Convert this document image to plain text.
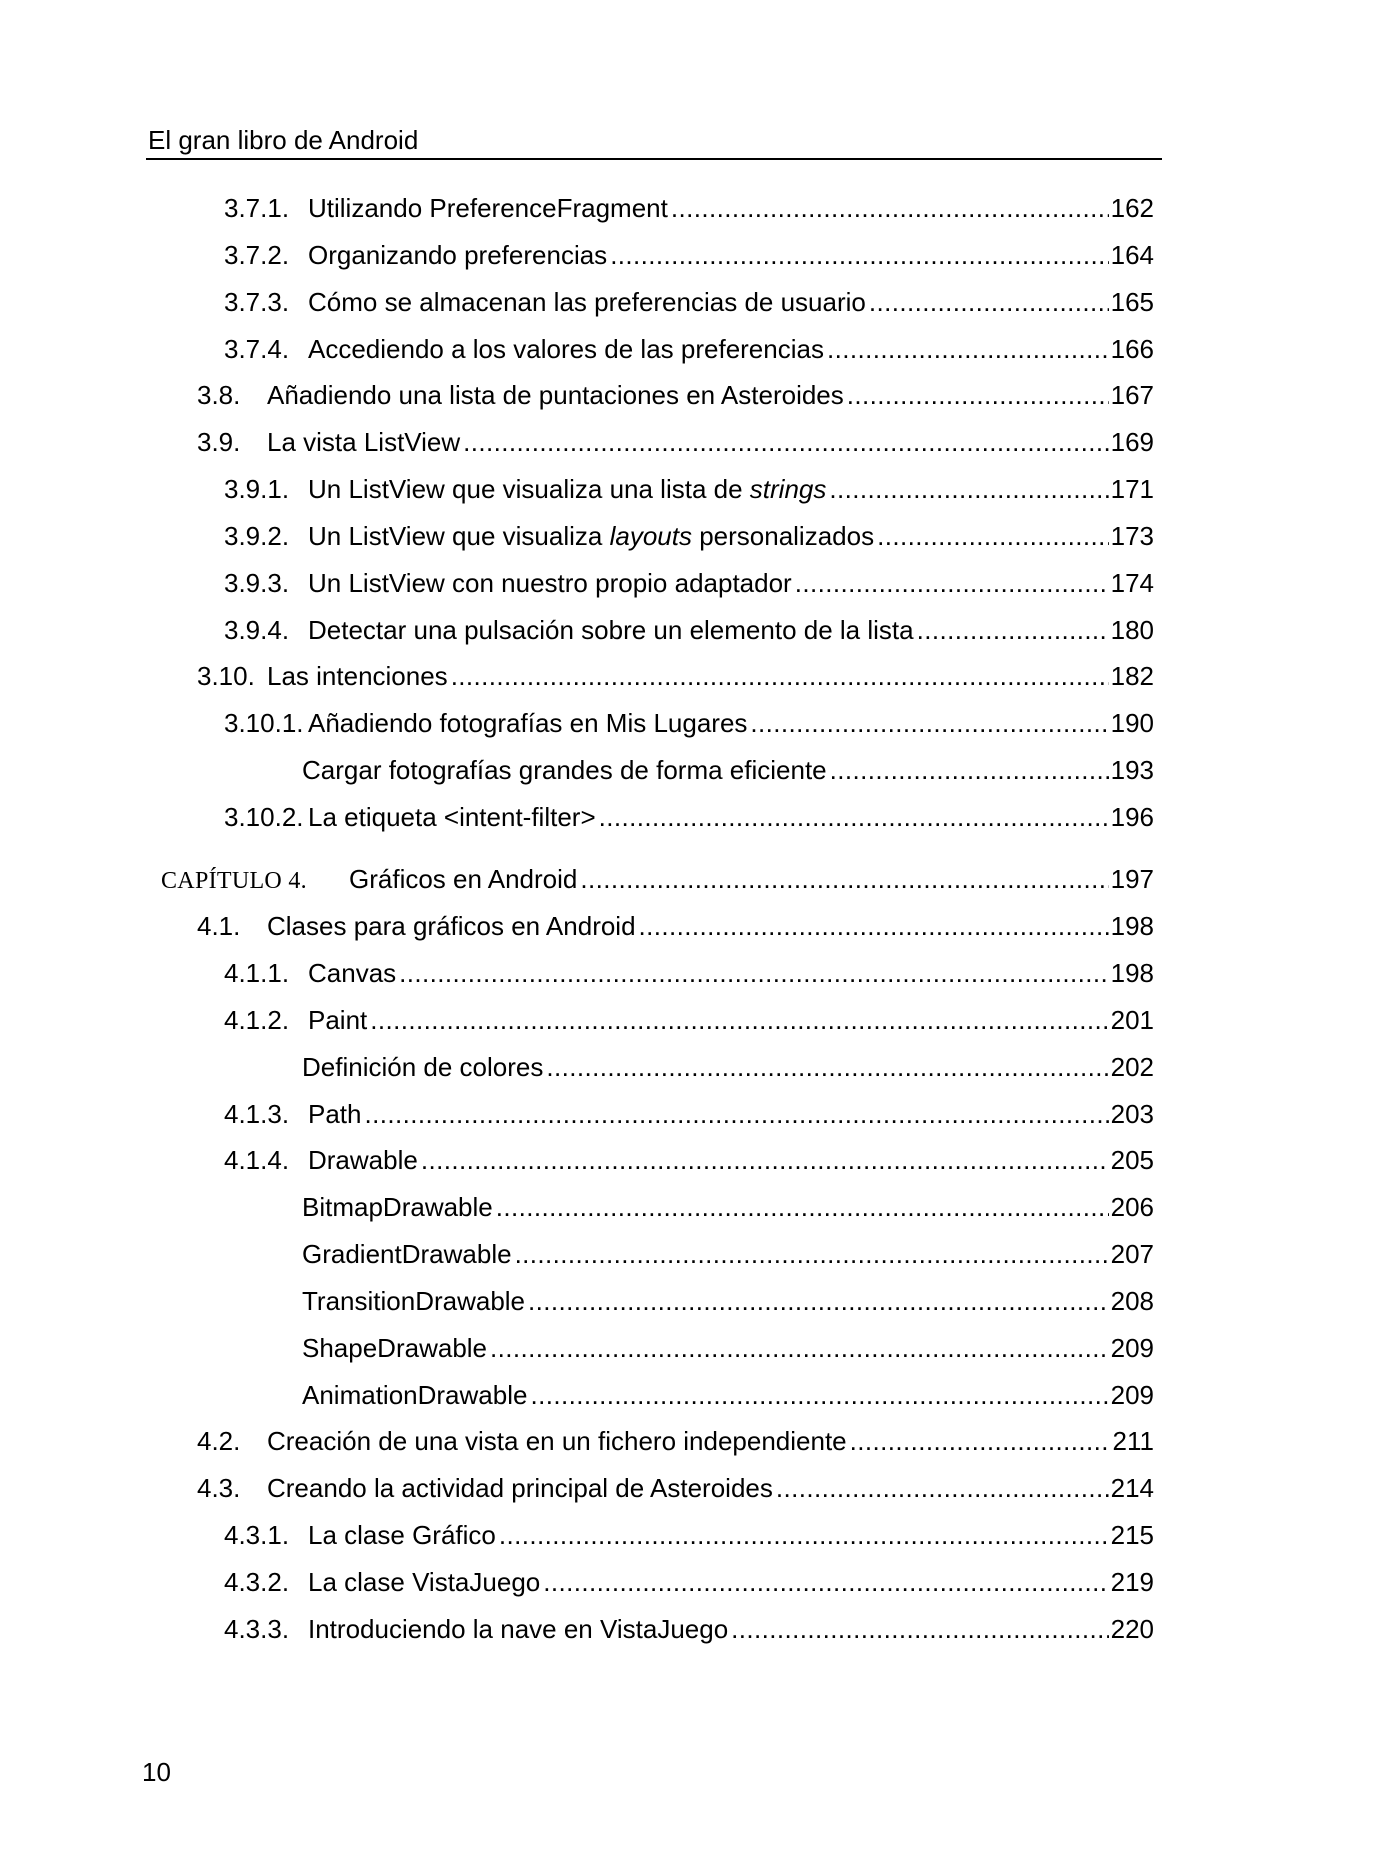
El gran libro de Android
3.7.1. Utilizando PreferenceFragment .....	162
3.7.2. Organizando preferencias .....	164
3.7.3. Cómo se almacenan las preferencias de usuario .....	165
3.7.4. Accediendo a los valores de las preferencias .....	166
3.8.	Añadiendo una lista de puntaciones en Asteroides .....	167
3.9.	La vista ListView .....	169
3.9.1. Un ListView que visualiza una lista de strings .....	171
3.9.2. Un ListView que visualiza layouts personalizados .....	173
3.9.3. Un ListView con nuestro propio adaptador .....	174
3.9.4. Detectar una pulsación sobre un elemento de la lista .....	180
3.10. Las intenciones .....	182
3.10.1. Añadiendo fotografías en Mis Lugares .....	190
Cargar fotografías grandes de forma eficiente .....	193
3.10.2. La etiqueta <intent-filter> .....	196
CAPÍTULO 4.	Gráficos en Android .....	197
4.1.	Clases para gráficos en Android .....	198
4.1.1. Canvas .....	198
4.1.2. Paint .....	201
Definición de colores .....	202
4.1.3. Path .....	203
4.1.4. Drawable .....	205
BitmapDrawable .....	206
GradientDrawable .....	207
TransitionDrawable .....	208
ShapeDrawable .....	209
AnimationDrawable .....	209
4.2.	Creación de una vista en un fichero independiente .....	211
4.3.	Creando la actividad principal de Asteroides .....	214
4.3.1. La clase Gráfico .....	215
4.3.2. La clase VistaJuego .....	219
4.3.3. Introduciendo la nave en VistaJuego .....	220
10
